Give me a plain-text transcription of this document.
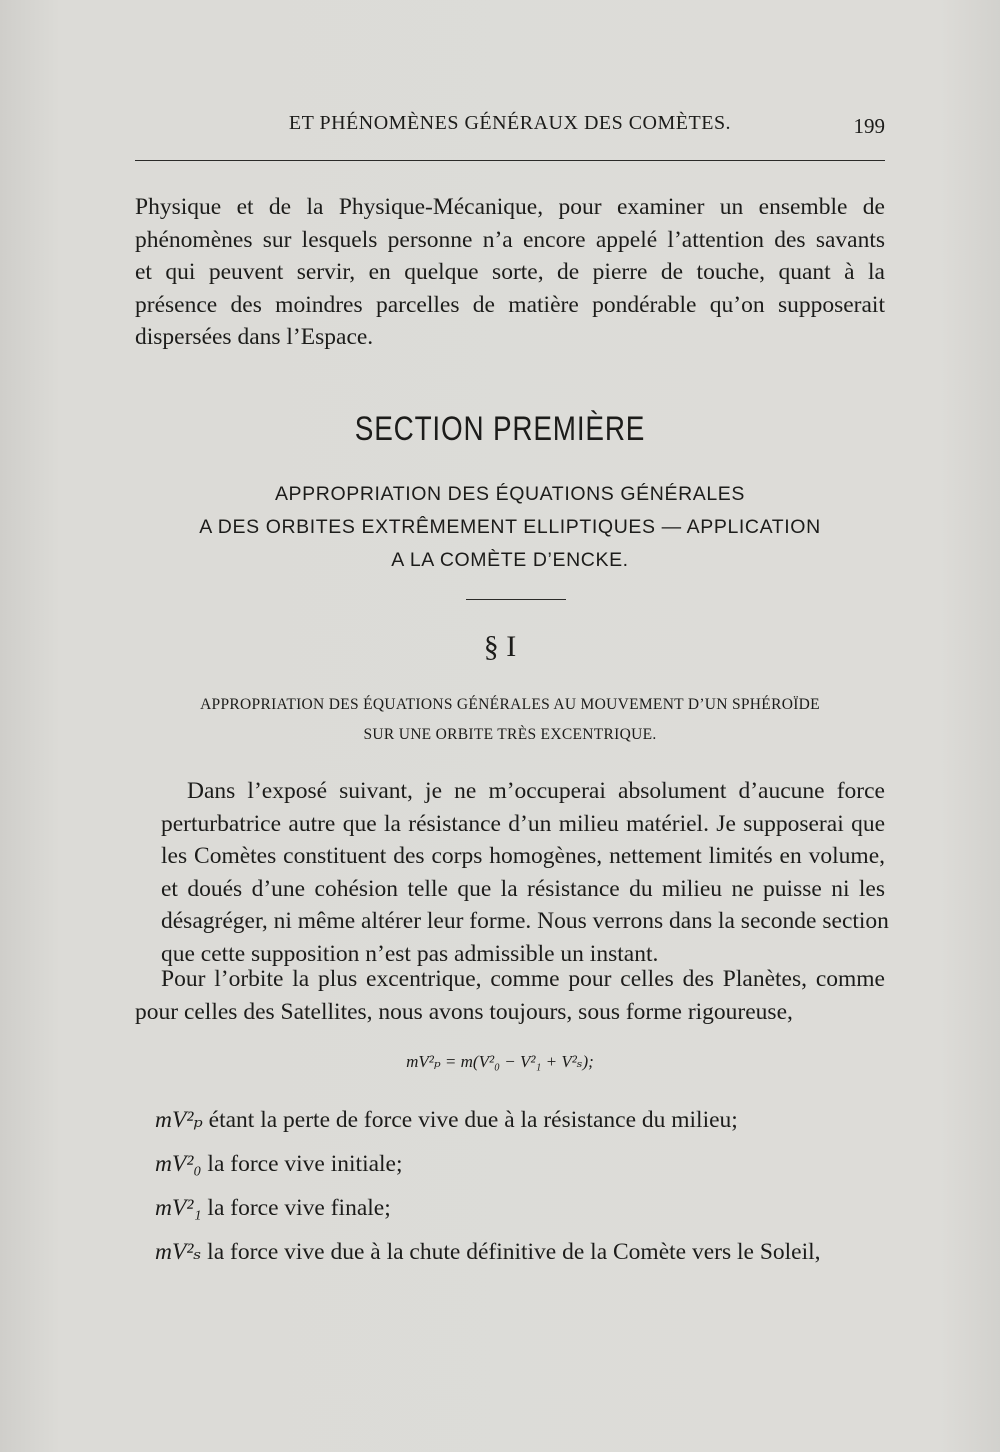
ET PHÉNOMÈNES GÉNÉRAUX DES COMÈTES.	199
Physique et de la Physique-Mécanique, pour examiner un ensemble de
phénomènes sur lesquels personne n’a encore appelé l’attention des savants
et qui peuvent servir, en quelque sorte, de pierre de touche, quant à la
présence des moindres parcelles de matière pondérable qu’on supposerait
dispersées dans l’Espace.
SECTION PREMIÈRE
APPROPRIATION DES ÉQUATIONS GÉNÉRALES
A DES ORBITES EXTRÊMEMENT ELLIPTIQUES — APPLICATION
A LA COMÈTE D’ENCKE.
§ I
APPROPRIATION DES ÉQUATIONS GÉNÉRALES AU MOUVEMENT D’UN SPHÉROÏDE
SUR UNE ORBITE TRÈS EXCENTRIQUE.
Dans l’exposé suivant, je ne m’occuperai absolument d’aucune force
perturbatrice autre que la résistance d’un milieu matériel. Je supposerai que
les Comètes constituent des corps homogènes, nettement limités en volume,
et doués d’une cohésion telle que la résistance du milieu ne puisse ni les
désagréger, ni même altérer leur forme. Nous verrons dans la seconde section
que cette supposition n’est pas admissible un instant.
Pour l’orbite la plus excentrique, comme pour celles des Planètes, comme
pour celles des Satellites, nous avons toujours, sous forme rigoureuse,
mV²ₚ = m(V²₀ − V²₁ + V²ₛ);
mV²ₚ étant la perte de force vive due à la résistance du milieu;
mV²₀ la force vive initiale;
mV²₁ la force vive finale;
mV²ₛ la force vive due à la chute définitive de la Comète vers le Soleil,
